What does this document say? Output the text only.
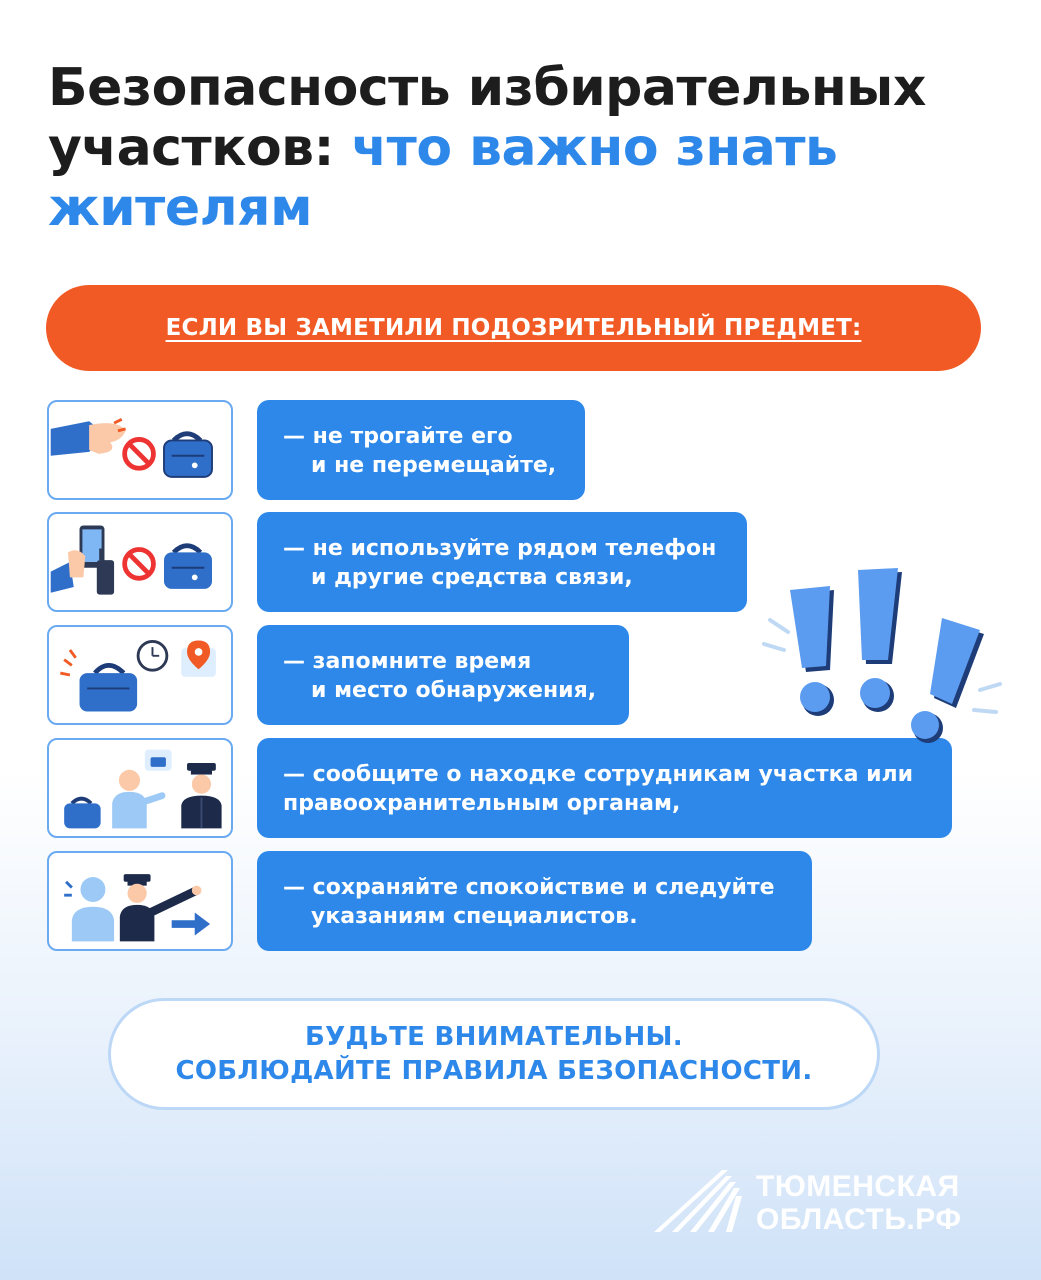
Безопасность избирательных
участков: что важно знать
жителям
ЕСЛИ ВЫ ЗАМЕТИЛИ ПОДОЗРИТЕЛЬНЫЙ ПРЕДМЕТ:
— не трогайте его
и не перемещайте,
— не используйте рядом телефон
и другие средства связи,
— запомните время
и место обнаружения,
— сообщите о находке сотрудникам участка или
правоохранительным органам,
— сохраняйте спокойствие и следуйте
указаниям специалистов.
БУДЬТЕ ВНИМАТЕЛЬНЫ.
СОБЛЮДАЙТЕ ПРАВИЛА БЕЗОПАСНОСТИ.
ТЮМЕНСКАЯ
ОБЛАСТЬ.РФ
